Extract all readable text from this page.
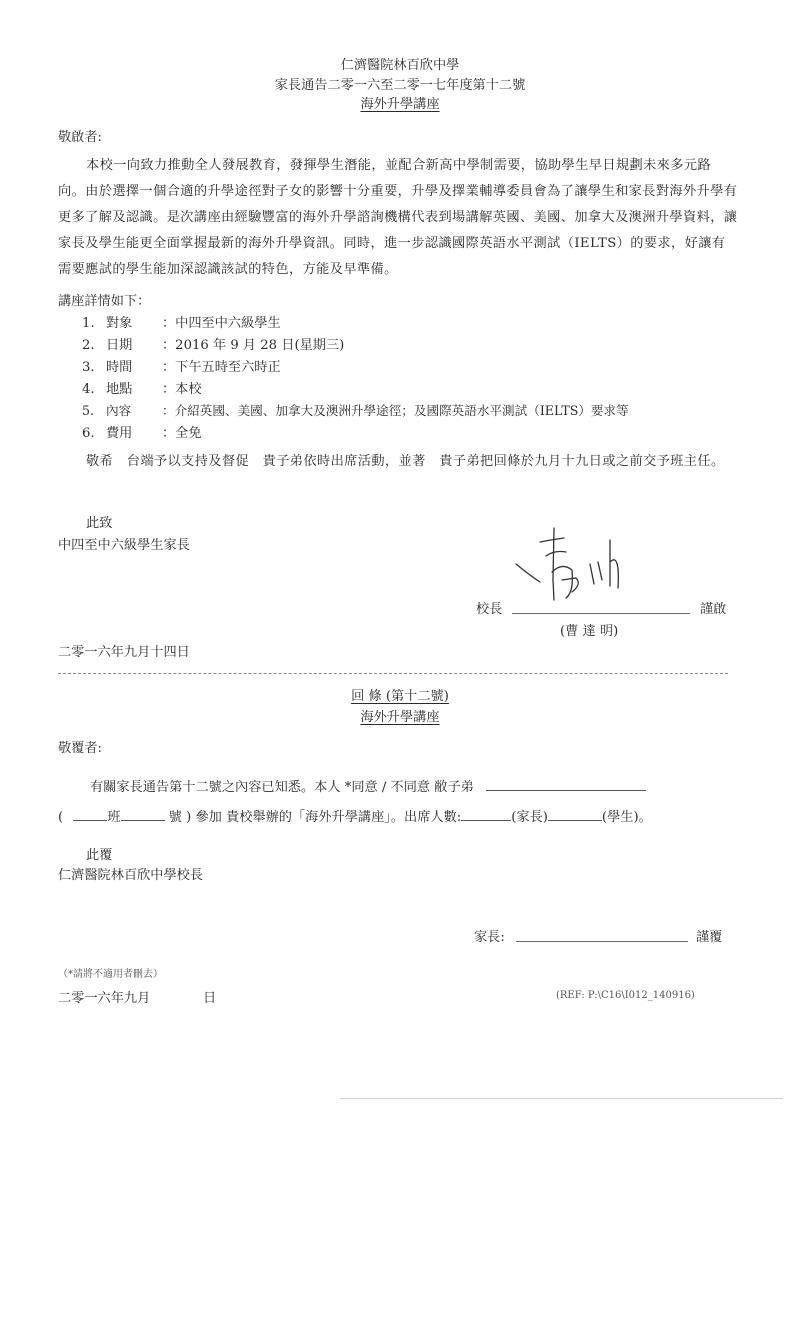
仁濟醫院林百欣中學
家長通告二零一六至二零一七年度第十二號
海外升學講座
敬啟者:

本校一向致力推動全人發展教育，發揮學生潛能，並配合新高中學制需要，協助學生早日規劃未來多元路向。由於選擇一個合適的升學途徑對子女的影響十分重要，升學及擇業輔導委員會為了讓學生和家長對海外升學有更多了解及認識。是次講座由經驗豐富的海外升學諮詢機構代表到場講解英國、美國、加拿大及澳洲升學資料，讓家長及學生能更全面掌握最新的海外升學資訊。同時，進一步認識國際英語水平測試（IELTS）的要求，好讓有需要應試的學生能加深認識該試的特色，方能及早準備。

講座詳情如下：
1. 對象 ：中四至中六級學生
2. 日期 ：2016 年 9 月 28 日(星期三)
3. 時間 ：下午五時至六時正
4. 地點 ：本校
5. 內容 ：介紹英國、美國、加拿大及澳洲升學途徑；及國際英語水平測試（IELTS）要求等
6. 費用 ：全免

敬希　台端予以支持及督促　貴子弟依時出席活動，並著　貴子弟把回條於九月十九日或之前交予班主任。

此致
中四至中六級學生家長
校長	謹啟
(曹 達 明)
二零一六年九月十四日
回 條 (第十二號)
海外升學講座
敬覆者:
有關家長通告第十二號之內容已知悉。本人 *同意 / 不同意 敝子弟
(	班	號 ) 參加 貴校舉辦的「海外升學講座」。出席人數:	(家長)	(學生)。
此覆
仁濟醫院林百欣中學校長
家長:	謹覆
（*請將不適用者刪去）
二零一六年九月	日	(REF: P:\C16\I012_140916)
